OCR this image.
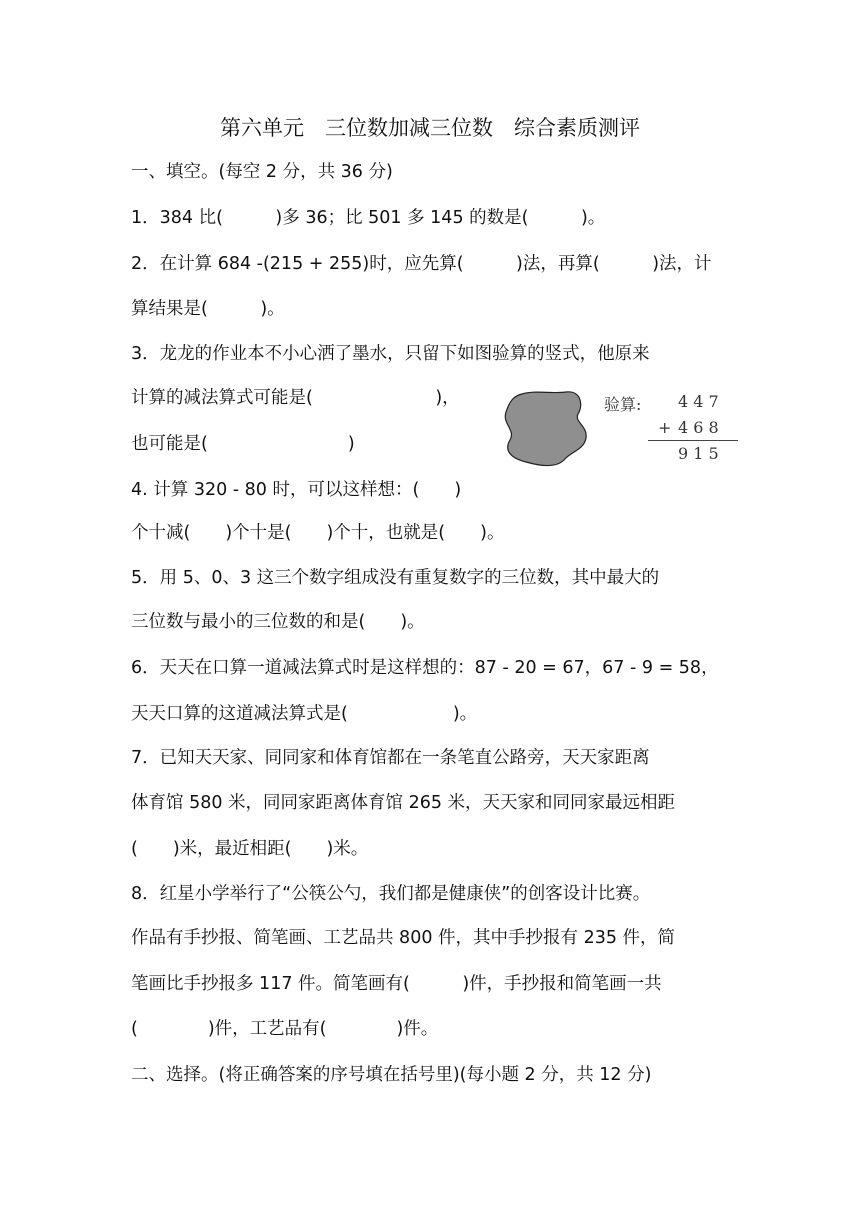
第六单元　三位数加减三位数　综合素质测评
一、填空。(每空 2 分，共 36 分)
1．384 比(　　　)多 36；比 501 多 145 的数是(　　　)。
2．在计算 684 -(215 + 255)时，应先算(　　　)法，再算(　　　)法，计
算结果是(　　　)。
3．龙龙的作业本不小心洒了墨水，只留下如图验算的竖式，他原来
计算的减法算式可能是(　　　　　　　)，
也可能是(　　　　　　　　)
验算: 4 4 7
+ 4 6 8
9 1 5
4. 计算 320 - 80 时，可以这样想：(　　)
个十减(　　)个十是(　　)个十，也就是(　　)。
5．用 5、0、3 这三个数字组成没有重复数字的三位数，其中最大的
三位数与最小的三位数的和是(　　)。
6．天天在口算一道减法算式时是这样想的：87 - 20 = 67，67 - 9 = 58，
天天口算的这道减法算式是(　　　　　　)。
7．已知天天家、同同家和体育馆都在一条笔直公路旁，天天家距离
体育馆 580 米，同同家距离体育馆 265 米，天天家和同同家最远相距
(　　)米，最近相距(　　)米。
8．红星小学举行了“公筷公勺，我们都是健康侠”的创客设计比赛。
作品有手抄报、简笔画、工艺品共 800 件，其中手抄报有 235 件，简
笔画比手抄报多 117 件。简笔画有(　　　)件，手抄报和简笔画一共
(　　　　)件，工艺品有(　　　　)件。
二、选择。(将正确答案的序号填在括号里)(每小题 2 分，共 12 分)
